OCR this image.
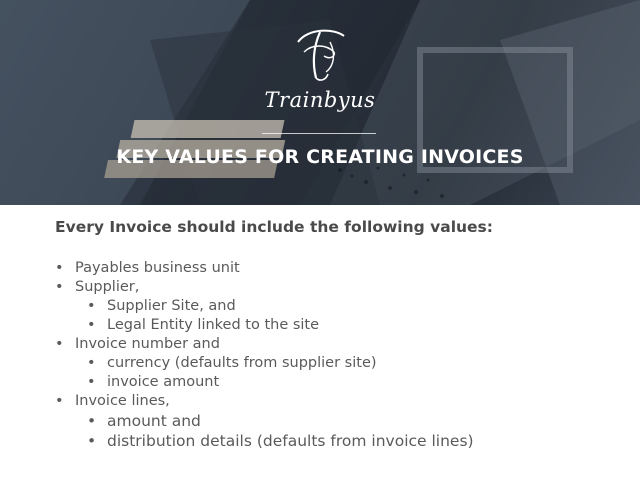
Trainbyus
KEY VALUES FOR CREATING INVOICES

Every Invoice should include the following values:

• Payables business unit
• Supplier,
• Supplier Site, and
• Legal Entity linked to the site
• Invoice number and
• currency (defaults from supplier site)
• invoice amount
• Invoice lines,
• amount and
• distribution details (defaults from invoice lines)
